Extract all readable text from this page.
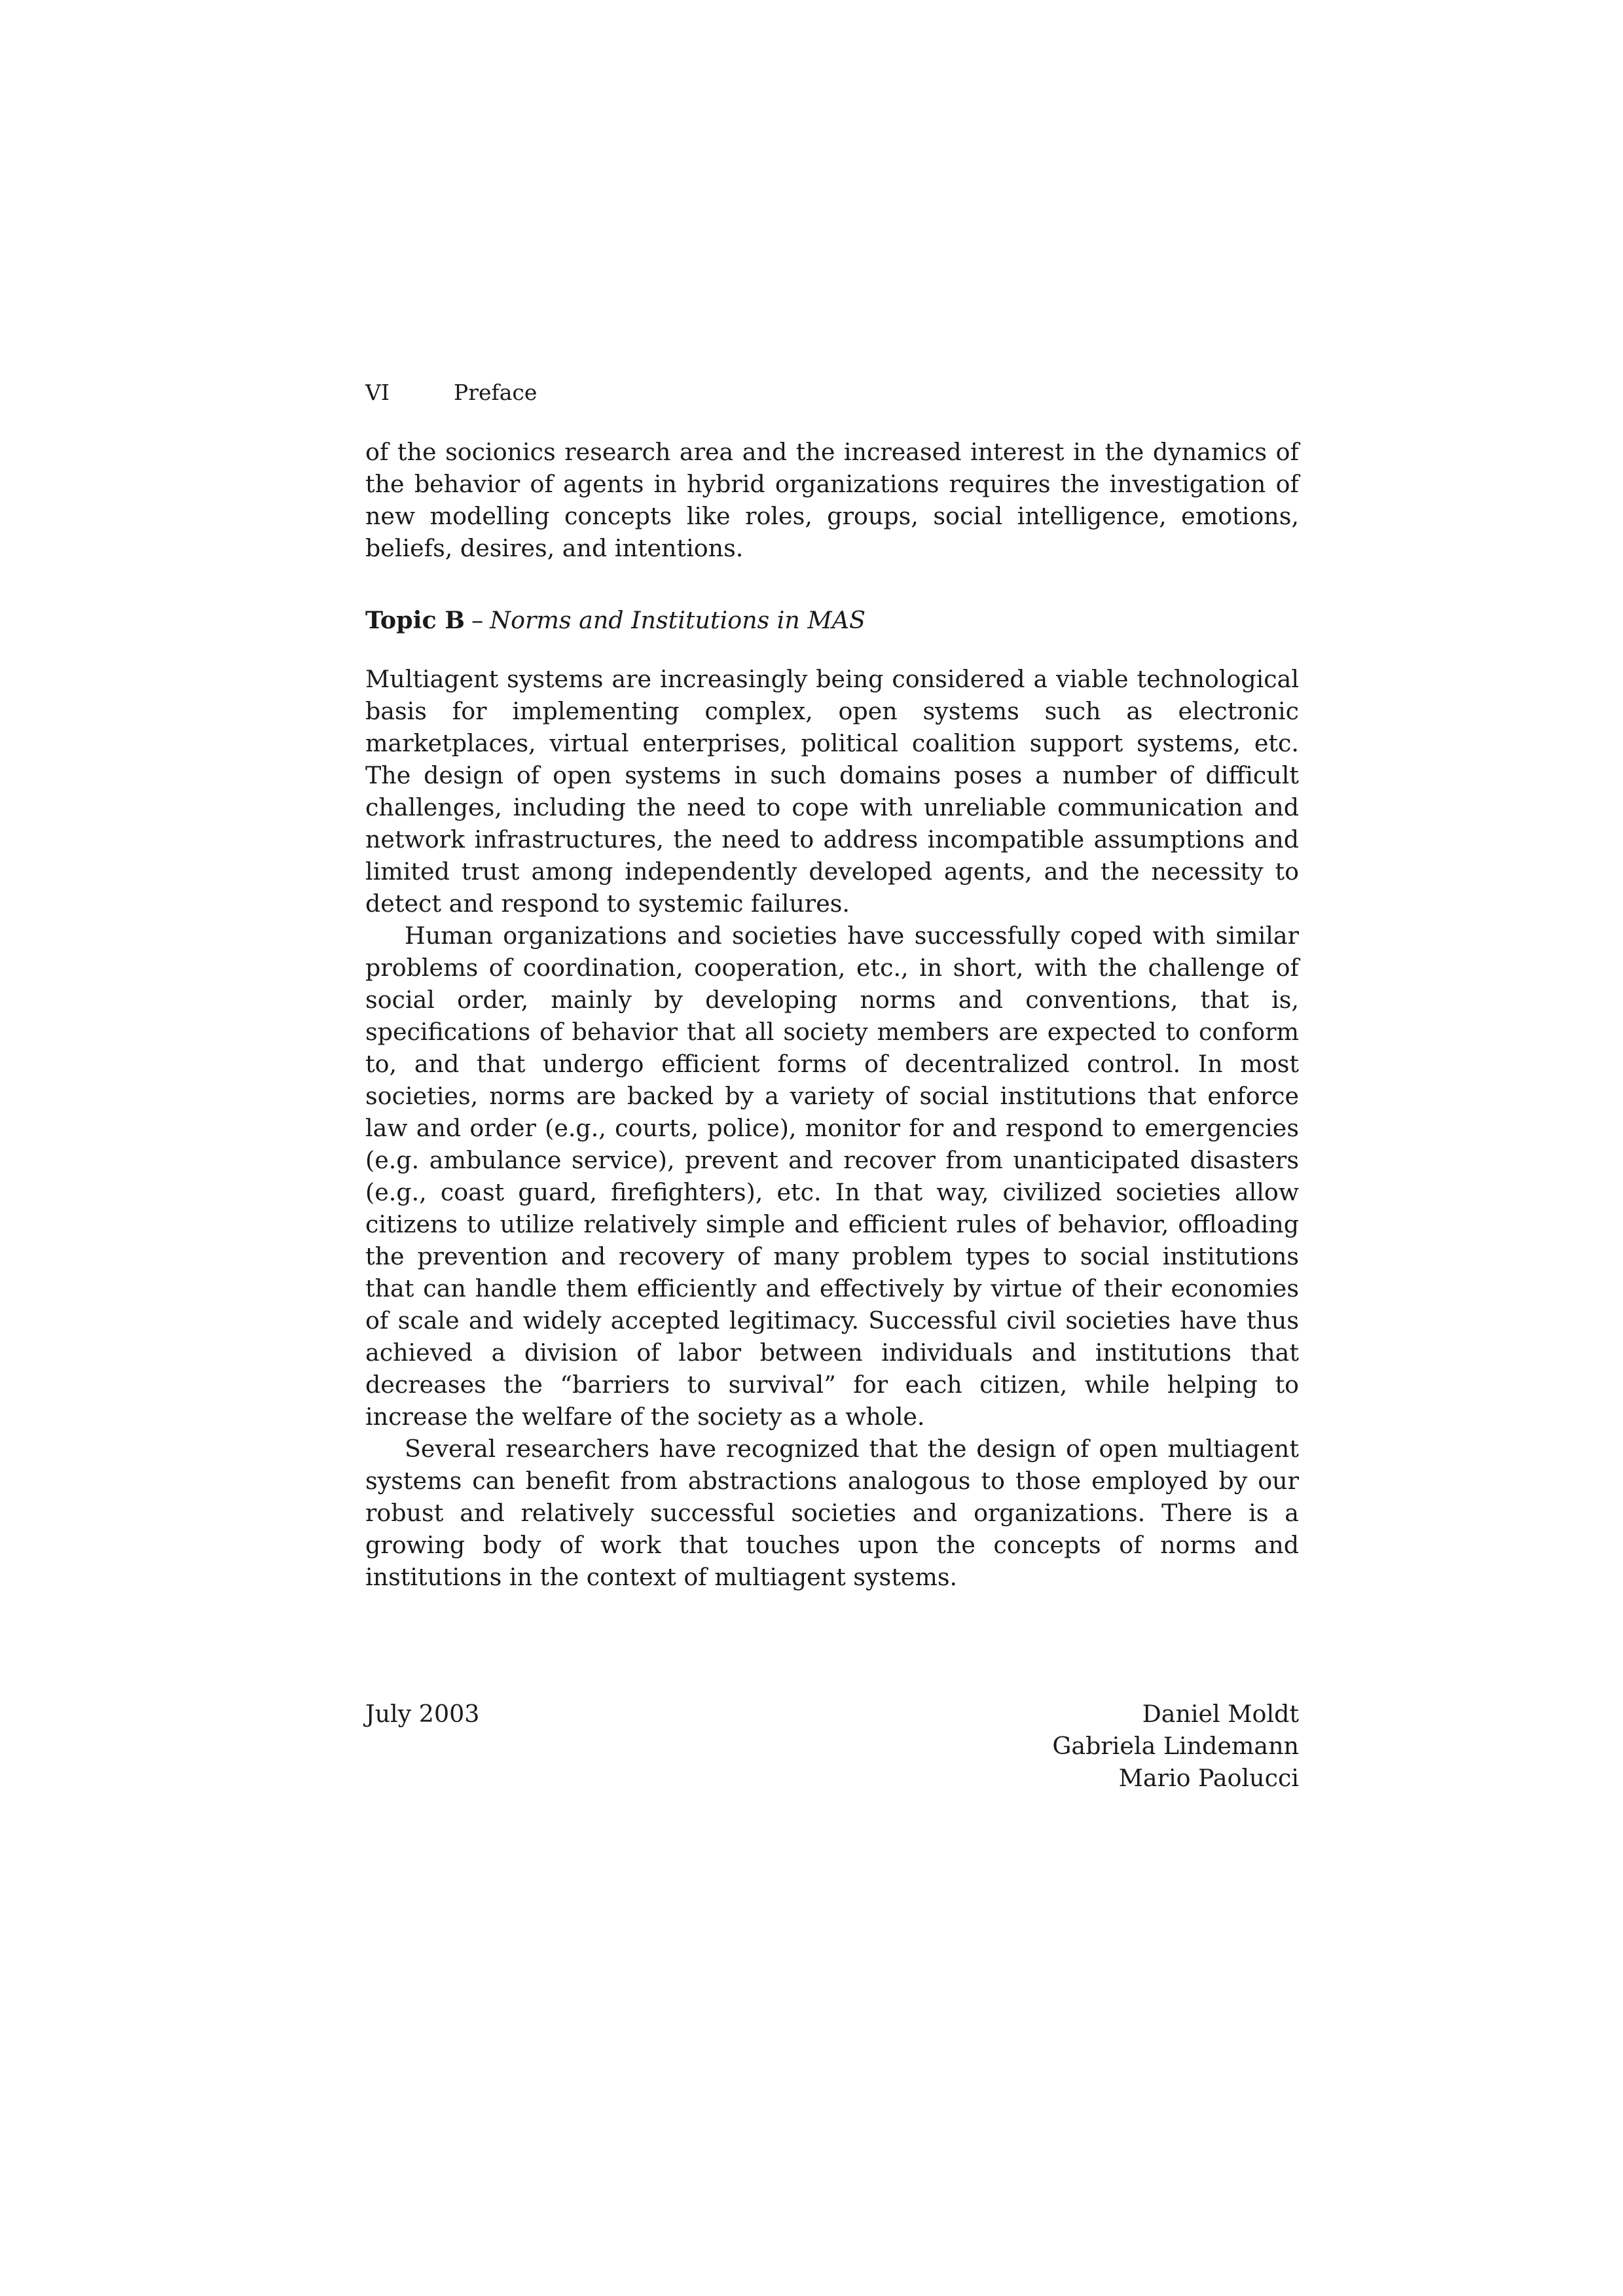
VI	Preface

of the socionics research area and the increased interest in the dynamics of the behavior of agents in hybrid organizations requires the investigation of new modelling concepts like roles, groups, social intelligence, emotions, beliefs, desires, and intentions.

Topic B – Norms and Institutions in MAS

Multiagent systems are increasingly being considered a viable technological basis for implementing complex, open systems such as electronic marketplaces, virtual enterprises, political coalition support systems, etc. The design of open systems in such domains poses a number of difficult challenges, including the need to cope with unreliable communication and network infrastructures, the need to address incompatible assumptions and limited trust among independently developed agents, and the necessity to detect and respond to systemic failures.

Human organizations and societies have successfully coped with similar problems of coordination, cooperation, etc., in short, with the challenge of social order, mainly by developing norms and conventions, that is, specifications of behavior that all society members are expected to conform to, and that undergo efficient forms of decentralized control. In most societies, norms are backed by a variety of social institutions that enforce law and order (e.g., courts, police), monitor for and respond to emergencies (e.g. ambulance service), prevent and recover from unanticipated disasters (e.g., coast guard, firefighters), etc. In that way, civilized societies allow citizens to utilize relatively simple and efficient rules of behavior, offloading the prevention and recovery of many problem types to social institutions that can handle them efficiently and effectively by virtue of their economies of scale and widely accepted legitimacy. Successful civil societies have thus achieved a division of labor between individuals and institutions that decreases the “barriers to survival” for each citizen, while helping to increase the welfare of the society as a whole.

Several researchers have recognized that the design of open multiagent systems can benefit from abstractions analogous to those employed by our robust and relatively successful societies and organizations. There is a growing body of work that touches upon the concepts of norms and institutions in the context of multiagent systems.

July 2003	Daniel Moldt
Gabriela Lindemann
Mario Paolucci
